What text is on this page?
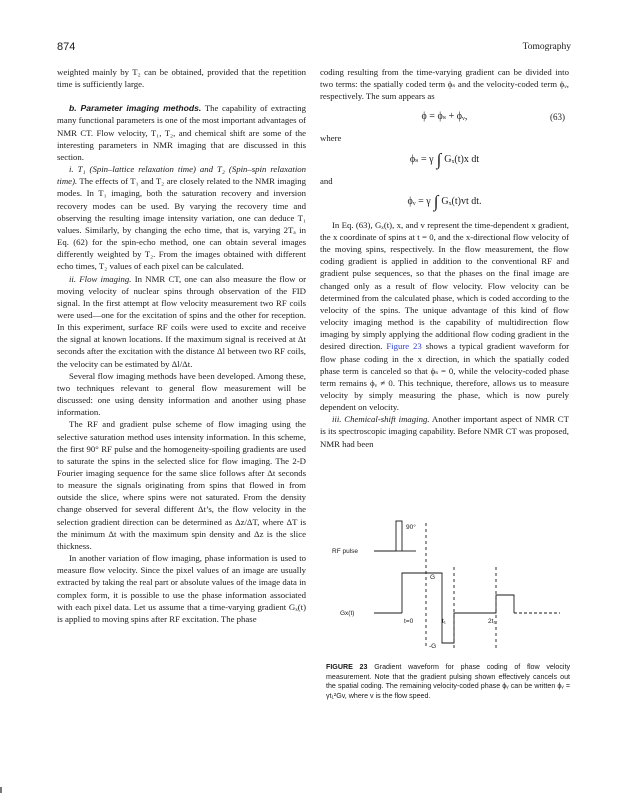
874	Tomography

weighted mainly by T₂ can be obtained, provided that the repetition time is sufficiently large.

b. Parameter imaging methods. The capability of extracting many functional parameters is one of the most important advantages of NMR CT. Flow velocity, T₁, T₂, and chemical shift are some of the interesting parameters in NMR imaging that are discussed in this section.

i. T₁ (Spin–lattice relaxation time) and T₂ (Spin–spin relaxation time). The effects of T₁ and T₂ are closely related to the NMR imaging modes. In T₁ imaging, both the saturation recovery and inversion recovery modes can be used. By varying the recovery time and observing the resulting image intensity variation, one can deduce T₁ values. Similarly, by changing the echo time, that is, varying 2Tₐ in Eq. (62) for the spin-echo method, one can obtain several images differently weighted by T₂. From the images obtained with different echo times, T₂ values of each pixel can be calculated.

ii. Flow imaging. In NMR CT, one can also measure the flow or moving velocity of nuclear spins through observation of the FID signal. In the first attempt at flow velocity measurement two RF coils were used—one for the excitation of spins and the other for reception. In this experiment, surface RF coils were used to excite and receive the signal at known locations. If the maximum signal is received at Δt seconds after the excitation with the distance Δl between two RF coils, the velocity can be estimated by Δl/Δt.

Several flow imaging methods have been developed. Among these, two techniques relevant to general flow measurement will be discussed: one using density information and another using phase information.

The RF and gradient pulse scheme of flow imaging using the selective saturation method uses intensity information. In this scheme, the first 90° RF pulse and the homogeneity-spoiling gradients are used to saturate the spins in the selected slice for flow imaging. The 2-D Fourier imaging sequence for the same slice follows after Δt seconds to measure the signals originating from spins that flowed in from outside the slice, where spins were not saturated. From the density change observed for several different Δt’s, the flow velocity in the selection gradient direction can be determined as Δz/ΔT, where ΔT is the minimum Δt with the maximum spin density and Δz is the slice thickness.

In another variation of flow imaging, phase information is used to measure flow velocity. Since the pixel values of an image are usually extracted by taking the real part or absolute values of the image data in complex form, it is possible to use the phase information associated with each pixel data. Let us assume that a time-varying gradient Gₓ(t) is applied to moving spins after RF excitation. The phase

coding resulting from the time-varying gradient can be divided into two terms: the spatially coded term ϕₛ and the velocity-coded term ϕᵥ, respectively. The sum appears as

ϕ = ϕₛ + ϕᵥ,	(63)

where

ϕₛ = γ ∫ Gₓ(t)x dt

and

ϕᵥ = γ ∫ Gₓ(t)vt dt.

In Eq. (63), Gₓ(t), x, and v represent the time-dependent x gradient, the x coordinate of spins at t = 0, and the x-directional flow velocity of the moving spins, respectively. In the flow measurement, the flow coding gradient is applied in addition to the conventional RF and gradient pulse sequences, so that the phases on the final image are changed only as a result of flow velocity. Flow velocity can be determined from the calculated phase, which is coded according to the velocity of the spins. The unique advantage of this kind of flow velocity imaging method is the capability of multidirection flow imaging by simply applying the additional flow coding gradient in the desired direction. Figure 23 shows a typical gradient waveform for flow phase coding in the x direction, in which the spatially coded phase term is canceled so that ϕₛ = 0, while the velocity-coded phase term remains ϕᵥ ≠ 0. This technique, therefore, allows us to measure velocity by simply measuring the phase, which is now purely dependent on velocity.

iii. Chemical-shift imaging. Another important aspect of NMR CT is its spectroscopic imaging capability. Before NMR CT was proposed, NMR had been

90°
RF pulse
Gx(t)
G
-G
t=0	t₁	2t₁
FIGURE 23 Gradient waveform for phase coding of flow velocity measurement. Note that the gradient pulsing shown effectively cancels out the spatial coding. The remaining velocity-coded phase ϕᵥ can be written ϕᵥ = γt₁²Gv, where v is the flow speed.
